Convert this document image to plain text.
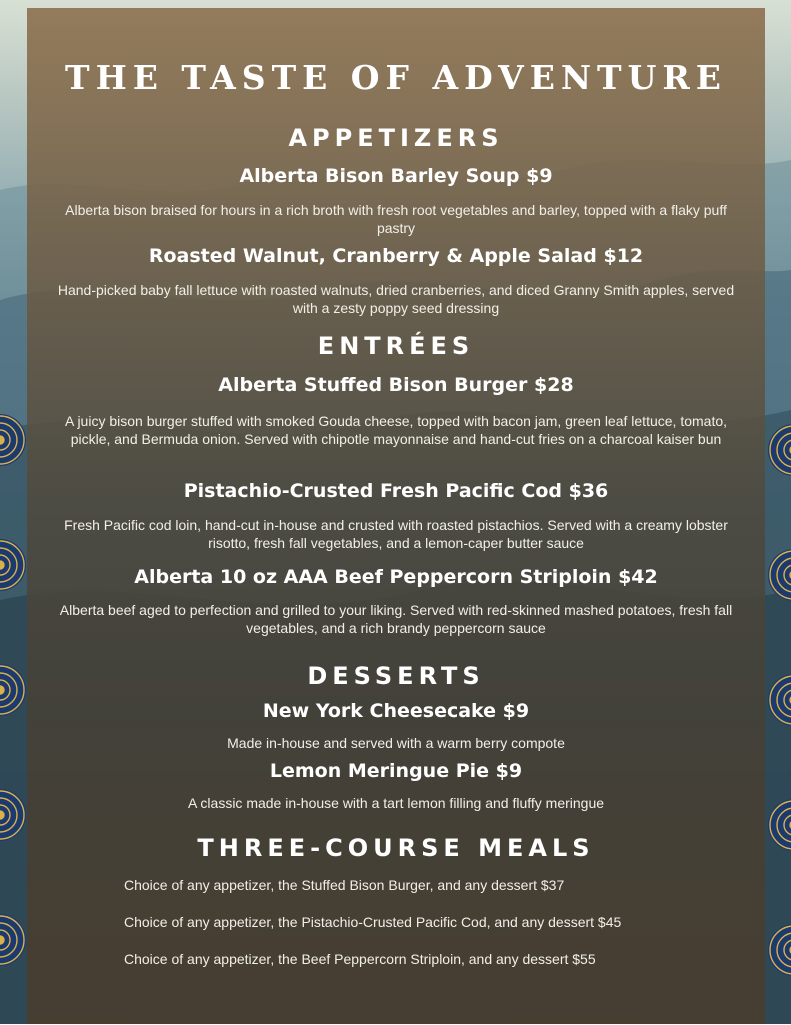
THE TASTE OF ADVENTURE
APPETIZERS
Alberta Bison Barley Soup $9
Alberta bison braised for hours in a rich broth with fresh root vegetables and barley, topped with a flaky puff pastry
Roasted Walnut, Cranberry & Apple Salad $12
Hand-picked baby fall lettuce with roasted walnuts, dried cranberries, and diced Granny Smith apples, served with a zesty poppy seed dressing
ENTRÉES
Alberta Stuffed Bison Burger $28
A juicy bison burger stuffed with smoked Gouda cheese, topped with bacon jam, green leaf lettuce, tomato, pickle, and Bermuda onion. Served with chipotle mayonnaise and hand-cut fries on a charcoal kaiser bun
Pistachio-Crusted Fresh Pacific Cod $36
Fresh Pacific cod loin, hand-cut in-house and crusted with roasted pistachios. Served with a creamy lobster risotto, fresh fall vegetables, and a lemon-caper butter sauce
Alberta 10 oz AAA Beef Peppercorn Striploin $42
Alberta beef aged to perfection and grilled to your liking. Served with red-skinned mashed potatoes, fresh fall vegetables, and a rich brandy peppercorn sauce
DESSERTS
New York Cheesecake $9
Made in-house and served with a warm berry compote
Lemon Meringue Pie $9
A classic made in-house with a tart lemon filling and fluffy meringue
THREE-COURSE MEALS
Choice of any appetizer, the Stuffed Bison Burger, and any dessert $37
Choice of any appetizer, the Pistachio-Crusted Pacific Cod, and any dessert $45
Choice of any appetizer, the Beef Peppercorn Striploin, and any dessert $55
